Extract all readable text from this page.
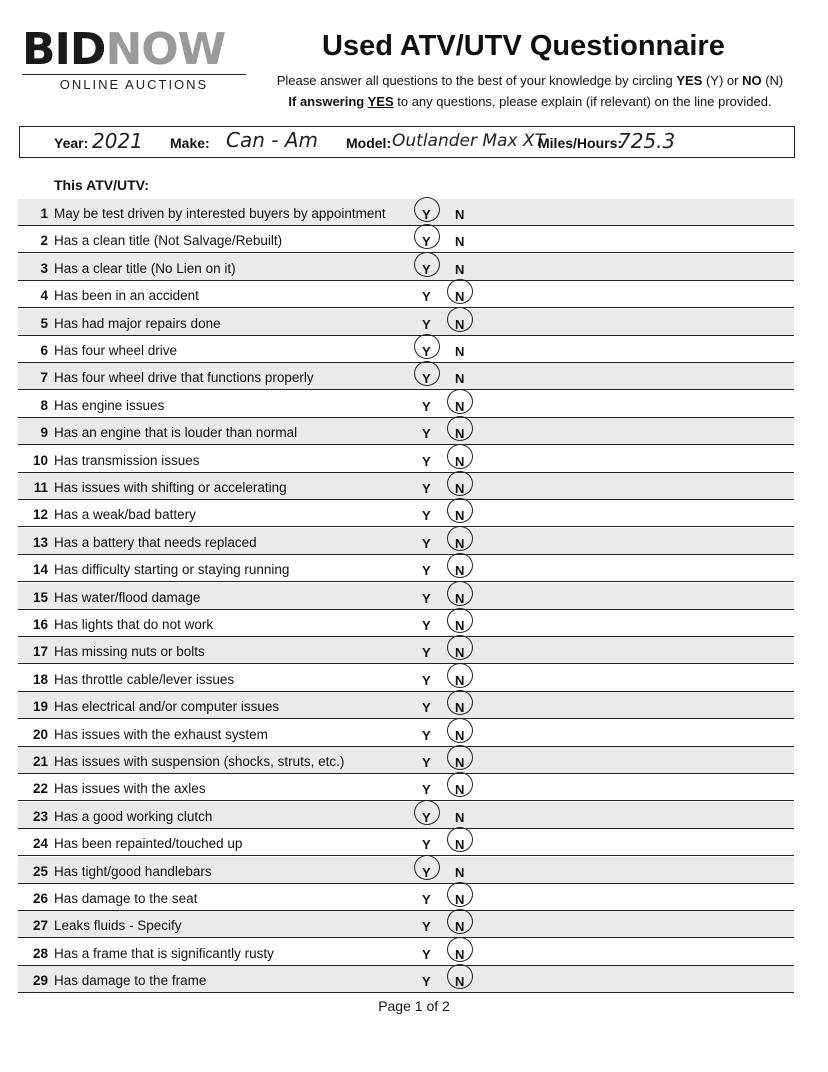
BIDNOW
ONLINE AUCTIONS
Used ATV/UTV Questionnaire
Please answer all questions to the best of your knowledge by circling YES (Y) or NO (N)
If answering YES to any questions, please explain (if relevant) on the line provided.
Year: 2021 Make: Can - Am Model: Outlander Max XT
Miles/Hours:
725.3
This ATV/UTV:
1 May be test driven by interested buyers by appointment	Y N
2 Has a clean title (Not Salvage/Rebuilt)	Y N
3 Has a clear title (No Lien on it)	Y N
4 Has been in an accident	Y N
5 Has had major repairs done	Y N
6 Has four wheel drive	Y N
7 Has four wheel drive that functions properly	Y N
8 Has engine issues	Y N
9 Has an engine that is louder than normal	Y N
10 Has transmission issues	Y N
11 Has issues with shifting or accelerating	Y N
12 Has a weak/bad battery	Y N
13 Has a battery that needs replaced	Y N
14 Has difficulty starting or staying running	Y N
15 Has water/flood damage	Y N
16 Has lights that do not work	Y N
17 Has missing nuts or bolts	Y N
18 Has throttle cable/lever issues	Y N
19 Has electrical and/or computer issues	Y N
20 Has issues with the exhaust system	Y N
21 Has issues with suspension (shocks, struts, etc.)	Y N
22 Has issues with the axles	Y N
23 Has a good working clutch	Y N
24 Has been repainted/touched up	Y N
25 Has tight/good handlebars	Y N
26 Has damage to the seat	Y N
27 Leaks fluids - Specify	Y N
28 Has a frame that is significantly rusty	Y N
29 Has damage to the frame	Y N
Page 1 of 2
